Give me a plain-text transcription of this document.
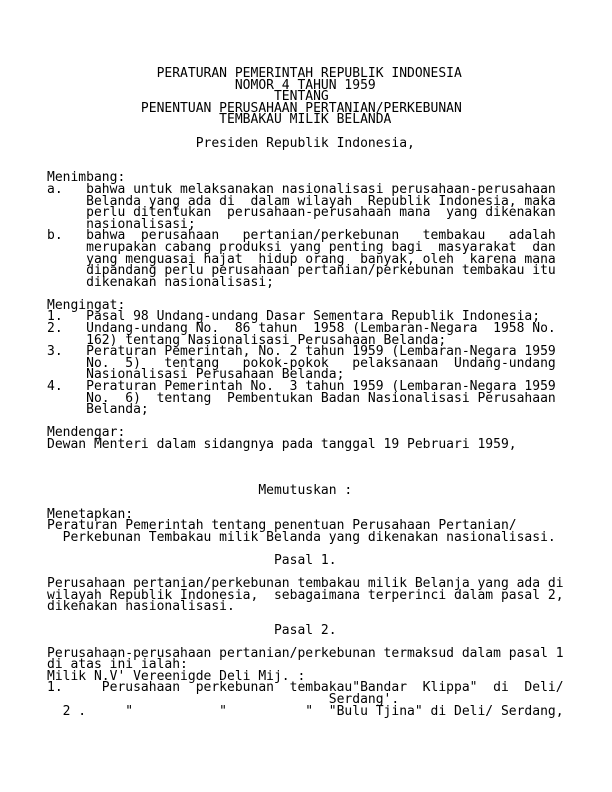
PERATURAN PEMERINTAH REPUBLIK INDONESIA
NOMOR 4 TAHUN 1959
TENTANG
PENENTUAN PERUSAHAAN PERTANIAN/PERKEBUNAN
TEMBAKAU MILIK BELANDA
Presiden Republik Indonesia,
Menimbang:
a.   bahwa untuk melaksanakan nasionalisasi perusahaan-perusahaan
Belanda yang ada di  dalam wilayah  Republik Indonesia, maka
perlu ditentukan  perusahaan-perusahaan mana  yang dikenakan
nasionalisasi;
b.   bahwa  perusahaan   pertanian/perkebunan   tembakau   adalah
merupakan cabang produksi yang penting bagi  masyarakat  dan
yang menguasai hajat  hidup orang  banyak, oleh  karena mana
dipandang perlu perusahaan pertanian/perkebunan tembakau itu
dikenakan nasionalisasi;
Mengingat:
1.   Pasal 98 Undang-undang Dasar Sementara Republik Indonesia;
2.   Undang-undang No.  86 tahun  1958 (Lembaran-Negara  1958 No.
162) tentang Nasionalisasi Perusahaan Belanda;
3.   Peraturan Pemerintah, No. 2 tahun 1959 (Lembaran-Negara 1959
No.  5)   tentang   pokok-pokok   pelaksanaan  Undang-undang
Nasionalisasi Perusahaan Belanda;
4.   Peraturan Pemerintah No.  3 tahun 1959 (Lembaran-Negara 1959
No.  6)  tentang  Pembentukan Badan Nasionalisasi Perusahaan
Belanda;
Mendengar:
Dewan Menteri dalam sidangnya pada tanggal 19 Pebruari 1959,
Memutuskan :
Menetapkan:
Peraturan Pemerintah tentang penentuan Perusahaan Pertanian/
Perkebunan Tembakau milik Belanda yang dikenakan nasionalisasi.
Pasal 1.
Perusahaan pertanian/perkebunan tembakau milik Belanja yang ada di
wilayah Republik Indonesia,  sebagaimana terperinci dalam pasal 2,
dikenakan nasionalisasi.
Pasal 2.
Perusahaan-perusahaan pertanian/perkebunan termaksud dalam pasal 1
di atas ini ialah:
Milik N.V' Vereenigde Deli Mij. :
1.     Perusahaan  perkebunan  tembakau"Bandar  Klippa"  di  Deli/
Serdang'.
2 .     "           "          "  "Bulu Tjina" di Deli/ Serdang,
